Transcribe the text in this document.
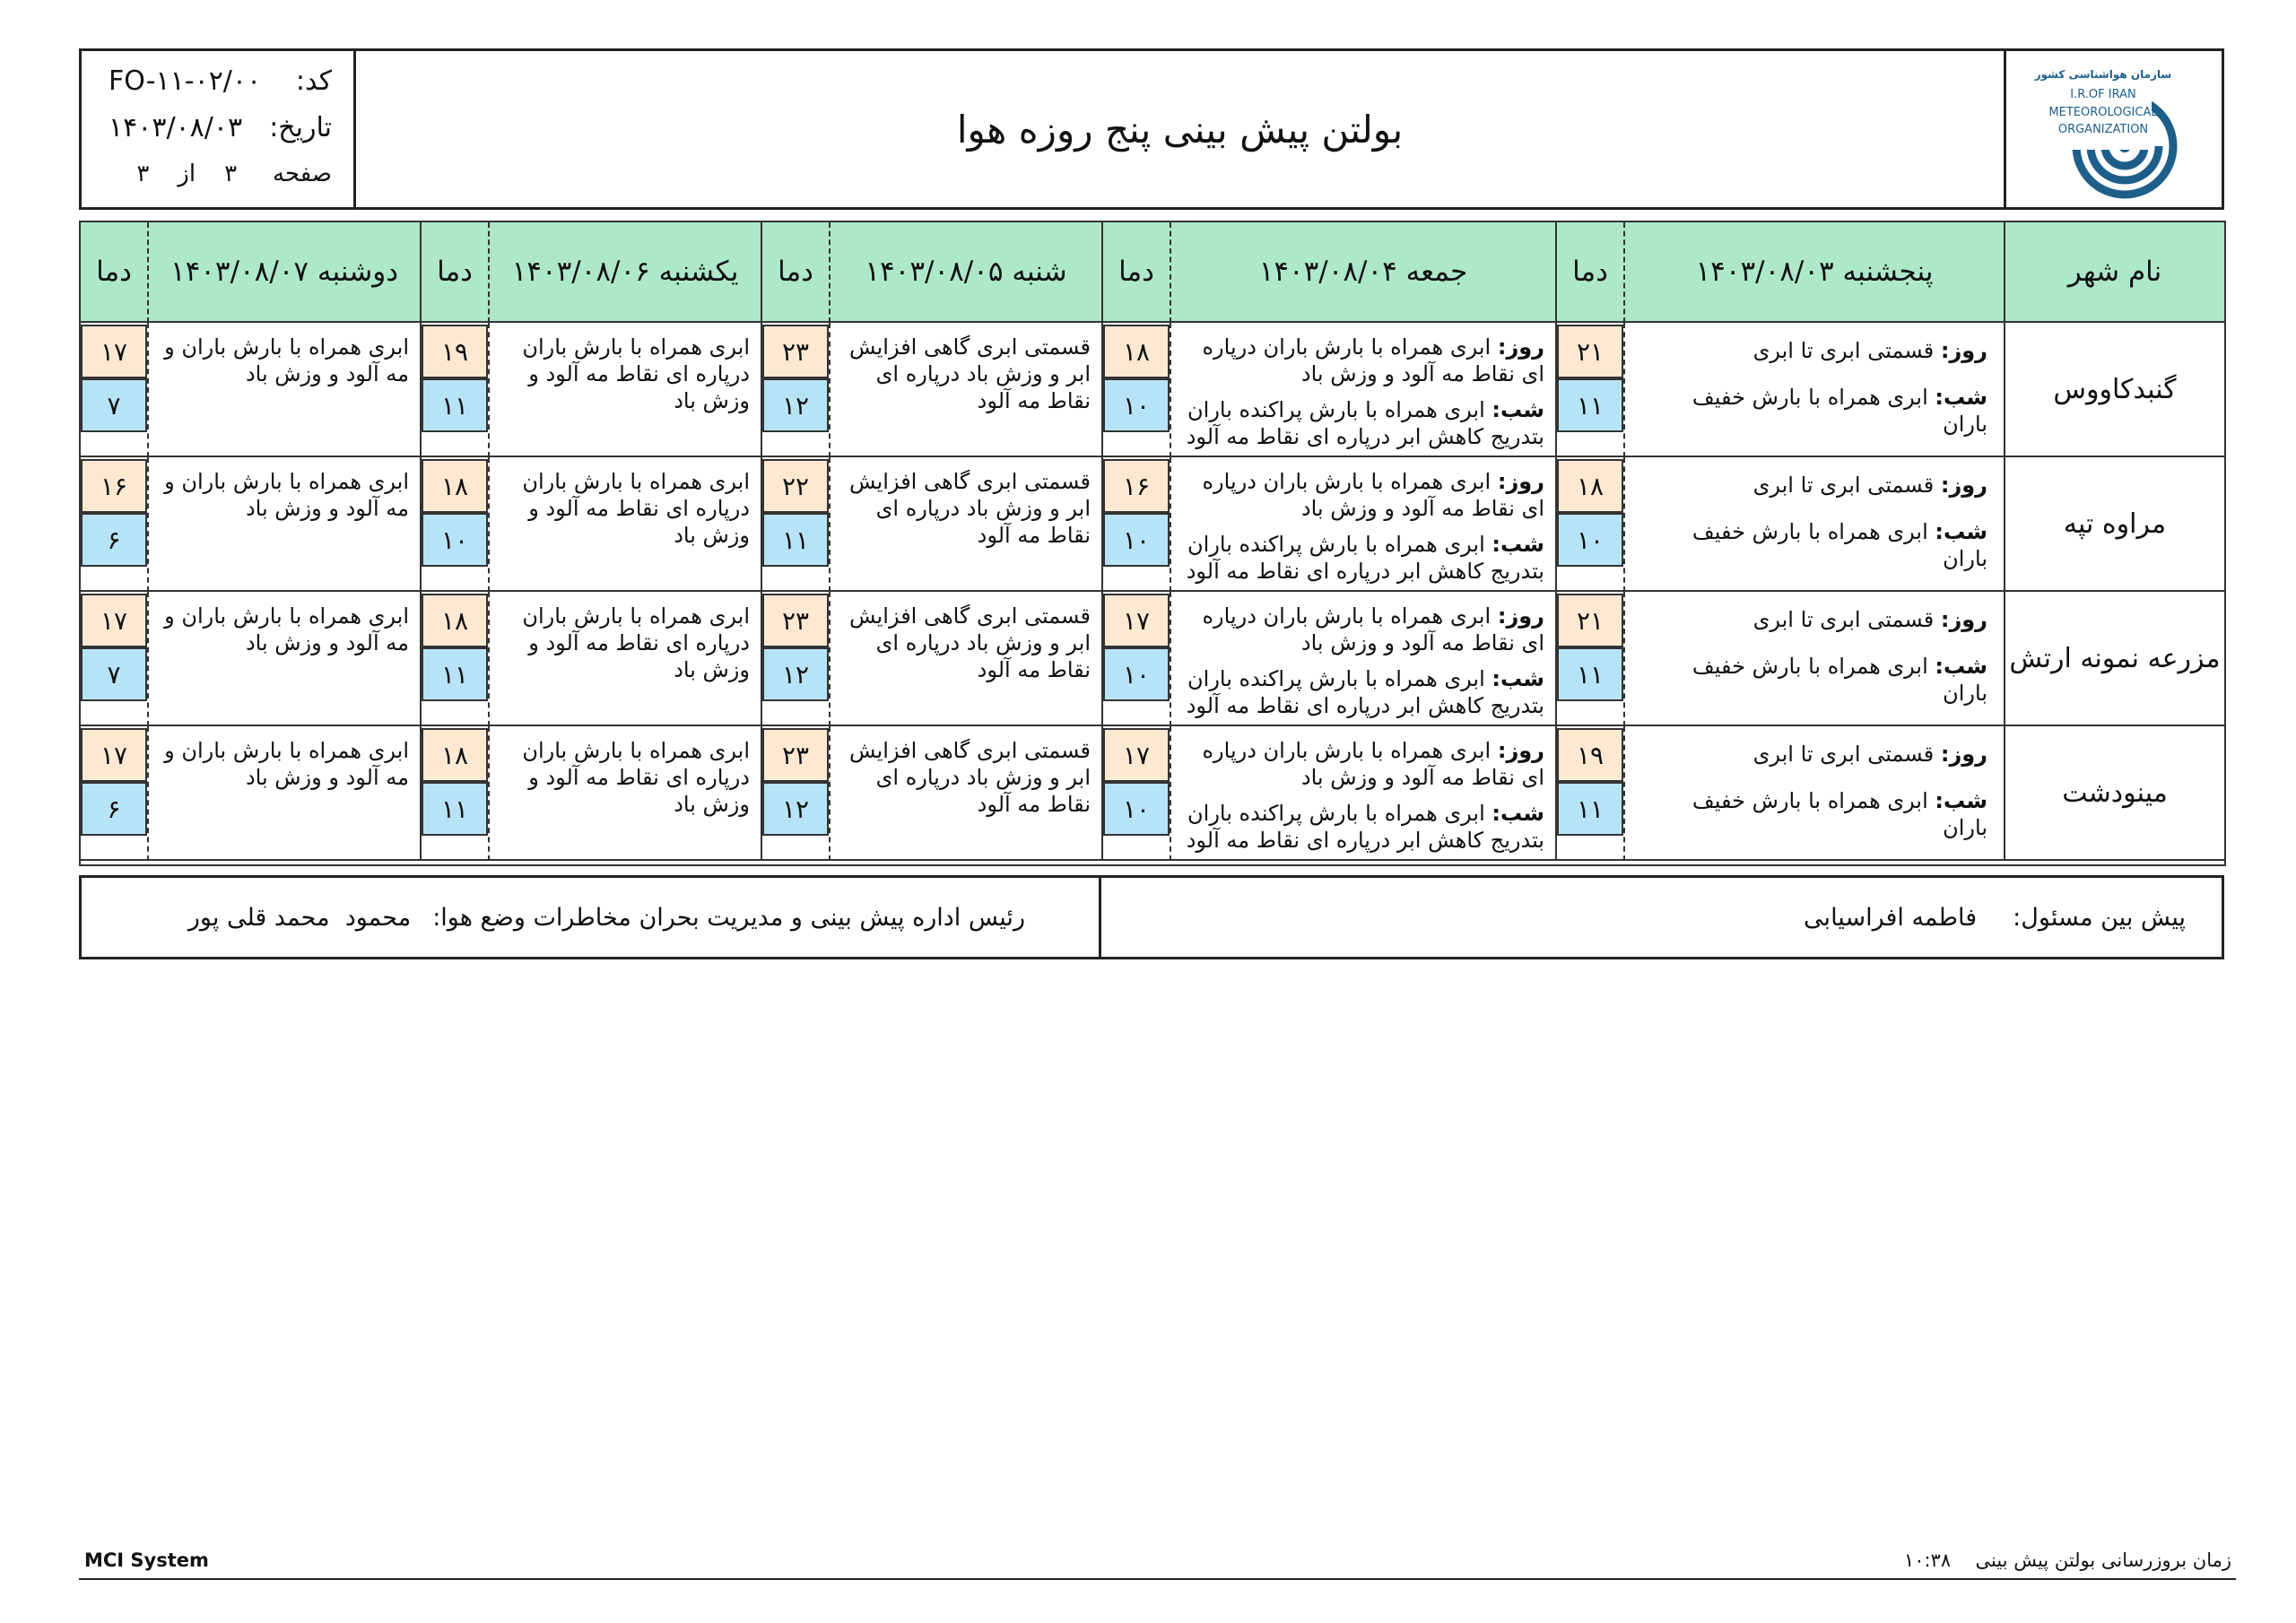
سازمان هواشناسی کشور
I.R.OF IRAN
METEOROLOGICAL
ORGANIZATION
بولتن پیش بینی پنج روزه هوا
کد:
FO-۱۱-۰۲/۰۰
تاریخ:
۱۴۰۳/۰۸/۰۳
صفحه
۳
از
۳
نام شهر
پنجشنبه ۱۴۰۳/۰۸/۰۳
دما
جمعه ۱۴۰۳/۰۸/۰۴
دما
شنبه ۱۴۰۳/۰۸/۰۵
دما
یکشنبه ۱۴۰۳/۰۸/۰۶
دما
دوشنبه ۱۴۰۳/۰۸/۰۷
دما
گنبدکاووس
روز: قسمتی ابری تا ابری
شب: ابری همراه با بارش خفیف باران
۲۱
۱۱
روز: ابری همراه با بارش باران درپاره ای نقاط مه آلود و وزش باد
شب: ابری همراه با بارش پراکنده باران بتدریج کاهش ابر درپاره ای نقاط مه آلود
۱۸
۱۰
قسمتی ابری گاهی افزایش ابر و وزش باد درپاره ای نقاط مه آلود
۲۳
۱۲
ابری همراه با بارش باران درپاره ای نقاط مه آلود و وزش باد
۱۹
۱۱
ابری همراه با بارش باران و مه آلود و وزش باد
۱۷
۷
مراوه تپه
روز: قسمتی ابری تا ابری
شب: ابری همراه با بارش خفیف باران
۱۸
۱۰
روز: ابری همراه با بارش باران درپاره ای نقاط مه آلود و وزش باد
شب: ابری همراه با بارش پراکنده باران بتدریج کاهش ابر درپاره ای نقاط مه آلود
۱۶
۱۰
قسمتی ابری گاهی افزایش ابر و وزش باد درپاره ای نقاط مه آلود
۲۲
۱۱
ابری همراه با بارش باران درپاره ای نقاط مه آلود و وزش باد
۱۸
۱۰
ابری همراه با بارش باران و مه آلود و وزش باد
۱۶
۶
مزرعه نمونه ارتش
روز: قسمتی ابری تا ابری
شب: ابری همراه با بارش خفیف باران
۲۱
۱۱
روز: ابری همراه با بارش باران درپاره ای نقاط مه آلود و وزش باد
شب: ابری همراه با بارش پراکنده باران بتدریج کاهش ابر درپاره ای نقاط مه آلود
۱۷
۱۰
قسمتی ابری گاهی افزایش ابر و وزش باد درپاره ای نقاط مه آلود
۲۳
۱۲
ابری همراه با بارش باران درپاره ای نقاط مه آلود و وزش باد
۱۸
۱۱
ابری همراه با بارش باران و مه آلود و وزش باد
۱۷
۷
مینودشت
روز: قسمتی ابری تا ابری
شب: ابری همراه با بارش خفیف باران
۱۹
۱۱
روز: ابری همراه با بارش باران درپاره ای نقاط مه آلود و وزش باد
شب: ابری همراه با بارش پراکنده باران بتدریج کاهش ابر درپاره ای نقاط مه آلود
۱۷
۱۰
قسمتی ابری گاهی افزایش ابر و وزش باد درپاره ای نقاط مه آلود
۲۳
۱۲
ابری همراه با بارش باران درپاره ای نقاط مه آلود و وزش باد
۱۸
۱۱
ابری همراه با بارش باران و مه آلود و وزش باد
۱۷
۶
پیش بین مسئول:
فاطمه افراسیابی
رئیس اداره پیش بینی و مدیریت بحران مخاطرات وضع هوا:
محمود  محمد قلی پور
MCI System	زمان بروزرسانی بولتن پیش بینی  ۱۰:۳۸
